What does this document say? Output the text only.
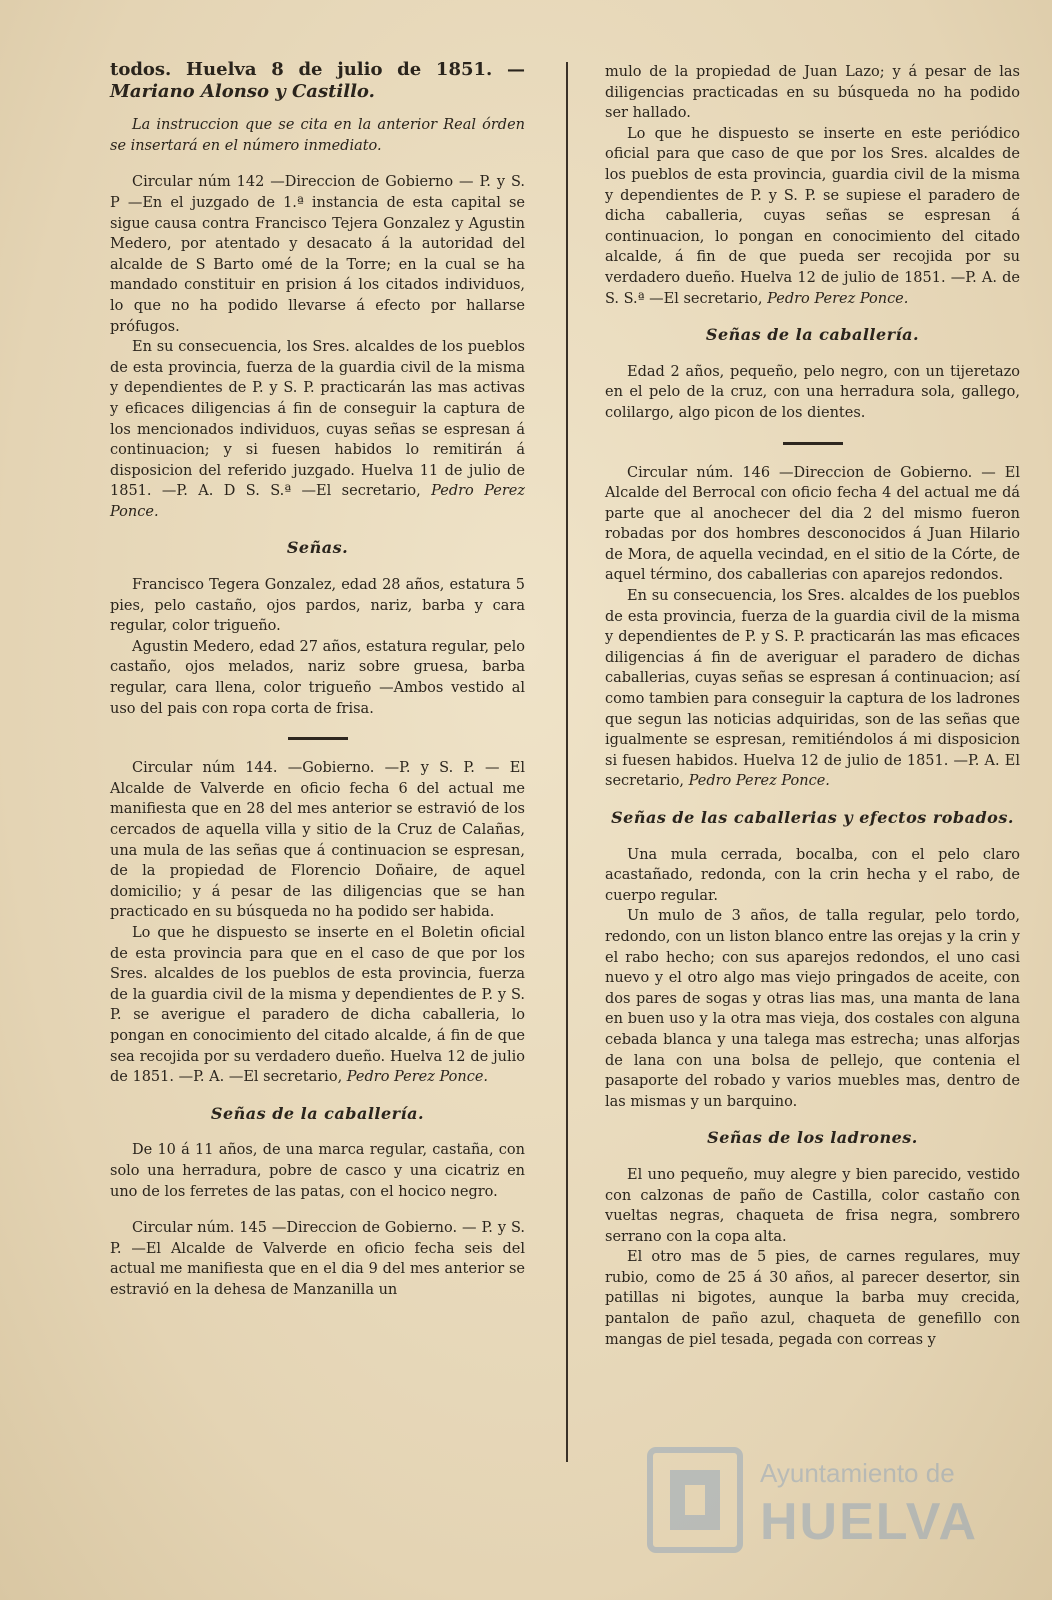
todos. Huelva 8 de julio de 1851. —Mariano Alonso y Castillo.

La instruccion que se cita en la anterior Real órden se insertará en el número inmediato.

Circular núm 142 —Direccion de Gobierno — P. y S. P —En el juzgado de 1.ª instancia de esta capital se sigue causa contra Francisco Tejera Gonzalez y Agustin Medero, por atentado y desacato á la autoridad del alcalde de S Barto omé de la Torre; en la cual se ha mandado constituir en prision á los citados individuos, lo que no ha podido llevarse á efecto por hallarse prófugos.

En su consecuencia, los Sres. alcaldes de los pueblos de esta provincia, fuerza de la guardia civil de la misma y dependientes de P. y S. P. practicarán las mas activas y eficaces diligencias á fin de conseguir la captura de los mencionados individuos, cuyas señas se espresan á continuacion; y si fuesen habidos lo remitirán á disposicion del referido juzgado. Huelva 11 de julio de 1851. —P. A. D S. S.ª —El secretario, Pedro Perez Ponce.

Señas.

Francisco Tegera Gonzalez, edad 28 años, estatura 5 pies, pelo castaño, ojos pardos, nariz, barba y cara regular, color trigueño.

Agustin Medero, edad 27 años, estatura regular, pelo castaño, ojos melados, nariz sobre gruesa, barba regular, cara llena, color trigueño —Ambos vestido al uso del pais con ropa corta de frisa.

Circular núm 144. —Gobierno. —P. y S. P. — El Alcalde de Valverde en oficio fecha 6 del actual me manifiesta que en 28 del mes anterior se estravió de los cercados de aquella villa y sitio de la Cruz de Calañas, una mula de las señas que á continuacion se espresan, de la propiedad de Florencio Doñaire, de aquel domicilio; y á pesar de las diligencias que se han practicado en su búsqueda no ha podido ser habida.

Lo que he dispuesto se inserte en el Boletin oficial de esta provincia para que en el caso de que por los Sres. alcaldes de los pueblos de esta provincia, fuerza de la guardia civil de la misma y dependientes de P. y S. P. se averigue el paradero de dicha caballeria, lo pongan en conocimiento del citado alcalde, á fin de que sea recojida por su verdadero dueño. Huelva 12 de julio de 1851. —P. A. —El secretario, Pedro Perez Ponce.

Señas de la caballería.

De 10 á 11 años, de una marca regular, castaña, con solo una herradura, pobre de casco y una cicatriz en uno de los ferretes de las patas, con el hocico negro.

Circular núm. 145 —Direccion de Gobierno. — P. y S. P. —El Alcalde de Valverde en oficio fecha seis del actual me manifiesta que en el dia 9 del mes anterior se estravió en la dehesa de Manzanilla un

mulo de la propiedad de Juan Lazo; y á pesar de las diligencias practicadas en su búsqueda no ha podido ser hallado.

Lo que he dispuesto se inserte en este periódico oficial para que caso de que por los Sres. alcaldes de los pueblos de esta provincia, guardia civil de la misma y dependientes de P. y S. P. se supiese el paradero de dicha caballeria, cuyas señas se espresan á continuacion, lo pongan en conocimiento del citado alcalde, á fin de que pueda ser recojida por su verdadero dueño. Huelva 12 de julio de 1851. —P. A. de S. S.ª —El secretario, Pedro Perez Ponce.

Señas de la caballería.

Edad 2 años, pequeño, pelo negro, con un tijeretazo en el pelo de la cruz, con una herradura sola, gallego, colilargo, algo picon de los dientes.

Circular núm. 146 —Direccion de Gobierno. — El Alcalde del Berrocal con oficio fecha 4 del actual me dá parte que al anochecer del dia 2 del mismo fueron robadas por dos hombres desconocidos á Juan Hilario de Mora, de aquella vecindad, en el sitio de la Córte, de aquel término, dos caballerias con aparejos redondos.

En su consecuencia, los Sres. alcaldes de los pueblos de esta provincia, fuerza de la guardia civil de la misma y dependientes de P. y S. P. practicarán las mas eficaces diligencias á fin de averiguar el paradero de dichas caballerias, cuyas señas se espresan á continuacion; así como tambien para conseguir la captura de los ladrones que segun las noticias adquiridas, son de las señas que igualmente se espresan, remitiéndolos á mi disposicion si fuesen habidos. Huelva 12 de julio de 1851. —P. A. El secretario, Pedro Perez Ponce.

Señas de las caballerias y efectos robados.

Una mula cerrada, bocalba, con el pelo claro acastañado, redonda, con la crin hecha y el rabo, de cuerpo regular.

Un mulo de 3 años, de talla regular, pelo tordo, redondo, con un liston blanco entre las orejas y la crin y el rabo hecho; con sus aparejos redondos, el uno casi nuevo y el otro algo mas viejo pringados de aceite, con dos pares de sogas y otras lias mas, una manta de lana en buen uso y la otra mas vieja, dos costales con alguna cebada blanca y una talega mas estrecha; unas alforjas de lana con una bolsa de pellejo, que contenia el pasaporte del robado y varios muebles mas, dentro de las mismas y un barquino.

Señas de los ladrones.

El uno pequeño, muy alegre y bien parecido, vestido con calzonas de paño de Castilla, color castaño con vueltas negras, chaqueta de frisa negra, sombrero serrano con la copa alta.

El otro mas de 5 pies, de carnes regulares, muy rubio, como de 25 á 30 años, al parecer desertor, sin patillas ni bigotes, aunque la barba muy crecida, pantalon de paño azul, chaqueta de genefillo con mangas de piel tesada, pegada con correas y

Ayuntamiento de
HUELVA
